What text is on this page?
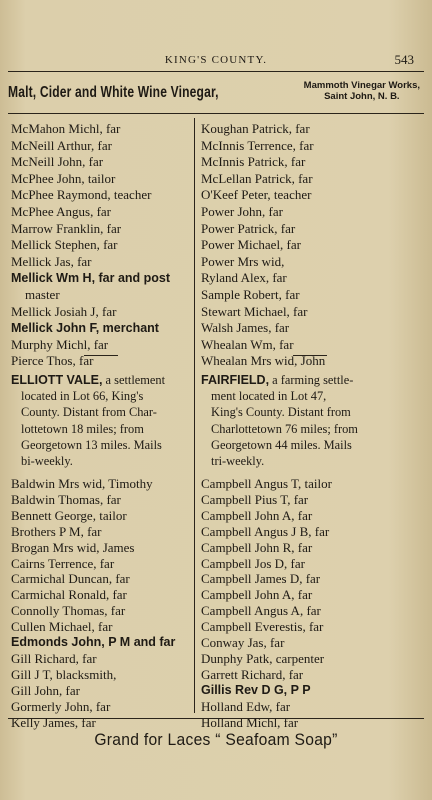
KING'S COUNTY.	543
Malt, Cider and White Wine Vinegar,	Mammoth Vinegar Works,
Saint John, N. B.
McMahon Michl, far
McNeill Arthur, far
McNeill John, far
McPhee John, tailor
McPhee Raymond, teacher
McPhee Angus, far
Marrow Franklin, far
Mellick Stephen, far
Mellick Jas, far
Mellick Wm H, far and post
master
Mellick Josiah J, far
Mellick John F, merchant
Murphy Michl, far
Pierce Thos, far
Koughan Patrick, far
McInnis Terrence, far
McInnis Patrick, far
McLellan Patrick, far
O'Keef Peter, teacher
Power John, far
Power Patrick, far
Power Michael, far
Power Mrs wid,
Ryland Alex, far
Sample Robert, far
Stewart Michael, far
Walsh James, far
Whealan Wm, far
Whealan Mrs wid, John
ELLIOTT VALE, a settlement
located in Lot 66, King's
County. Distant from Char-
lottetown 18 miles; from
Georgetown 13 miles. Mails
bi-weekly.
FAIRFIELD, a farming settle-
ment located in Lot 47,
King's County. Distant from
Charlottetown 76 miles; from
Georgetown 44 miles. Mails
tri-weekly.
Baldwin Mrs wid, Timothy
Baldwin Thomas, far
Bennett George, tailor
Brothers P M, far
Brogan Mrs wid, James
Cairns Terrence, far
Carmichal Duncan, far
Carmichal Ronald, far
Connolly Thomas, far
Cullen Michael, far
Edmonds John, P M and far
Gill Richard, far
Gill J T, blacksmith,
Gill John, far
Gormerly John, far
Kelly James, far
Campbell Angus T, tailor
Campbell Pius T, far
Campbell John A, far
Campbell Angus J B, far
Campbell John R, far
Campbell Jos D, far
Campbell James D, far
Campbell John A, far
Campbell Angus A, far
Campbell Everestis, far
Conway Jas, far
Dunphy Patk, carpenter
Garrett Richard, far
Gillis Rev D G, P P
Holland Edw, far
Holland Michl, far
Grand for Laces “ Seafoam Soap”
